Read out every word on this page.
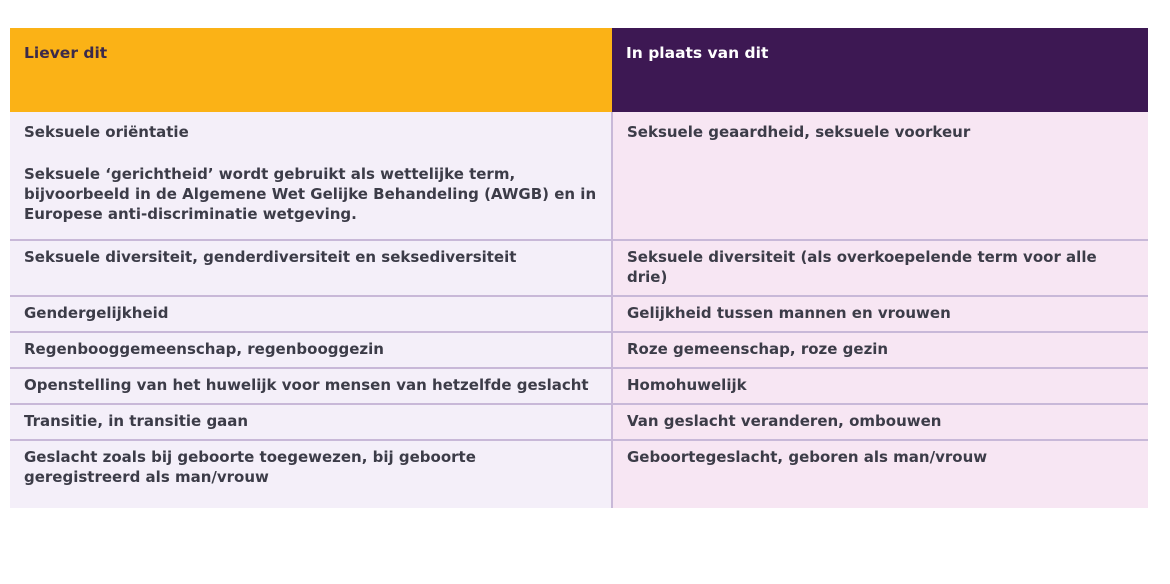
Liever dit	In plaats van dit

Seksuele oriëntatie
Seksuele ‘gerichtheid’ wordt gebruikt als wettelijke term, bijvoorbeeld in de Algemene Wet Gelijke Behandeling (AWGB) en in Europese anti-discriminatie wetgeving.	Seksuele geaardheid, seksuele voorkeur

Seksuele diversiteit, genderdiversiteit en seksediversiteit	Seksuele diversiteit (als overkoepelende term voor alle drie)

Gendergelijkheid	Gelijkheid tussen mannen en vrouwen

Regenbooggemeenschap, regenbooggezin	Roze gemeenschap, roze gezin

Openstelling van het huwelijk voor mensen van hetzelfde geslacht	Homohuwelijk

Transitie, in transitie gaan	Van geslacht veranderen, ombouwen

Geslacht zoals bij geboorte toegewezen, bij geboorte geregistreerd als man/vrouw	Geboortegeslacht, geboren als man/vrouw
